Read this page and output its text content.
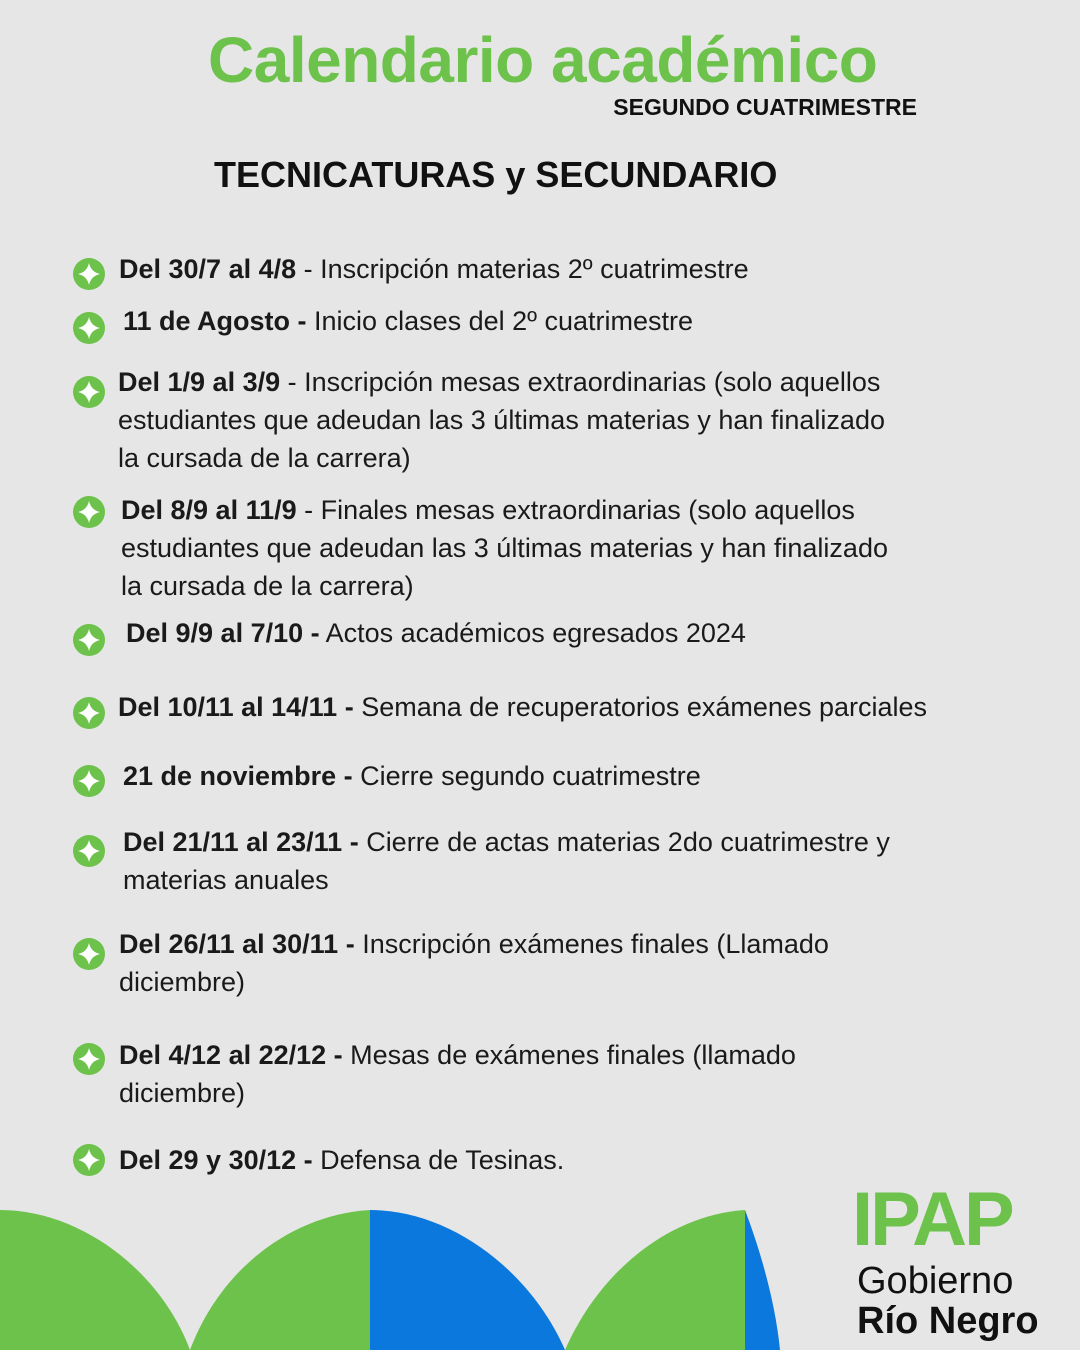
Calendario académico
SEGUNDO CUATRIMESTRE
TECNICATURAS y SECUNDARIO
Del 30/7 al 4/8 - Inscripción materias 2º cuatrimestre
11 de Agosto - Inicio clases del 2º cuatrimestre
Del 1/9 al 3/9 - Inscripción mesas extraordinarias (solo aquellos
estudiantes que adeudan las 3 últimas materias y han finalizado
la cursada de la carrera)
Del 8/9 al 11/9 - Finales mesas extraordinarias (solo aquellos
estudiantes que adeudan las 3 últimas materias y han finalizado
la cursada de la carrera)
Del 9/9 al 7/10 - Actos académicos egresados 2024
Del 10/11 al 14/11 - Semana de recuperatorios exámenes parciales
21 de noviembre - Cierre segundo cuatrimestre
Del 21/11 al 23/11 - Cierre de actas materias 2do cuatrimestre y
materias anuales
Del 26/11 al 30/11 - Inscripción exámenes finales (Llamado
diciembre)
Del 4/12 al 22/12 - Mesas de exámenes finales (llamado
diciembre)
Del 29 y 30/12 - Defensa de Tesinas.
IPAP
Gobierno
Río Negro
